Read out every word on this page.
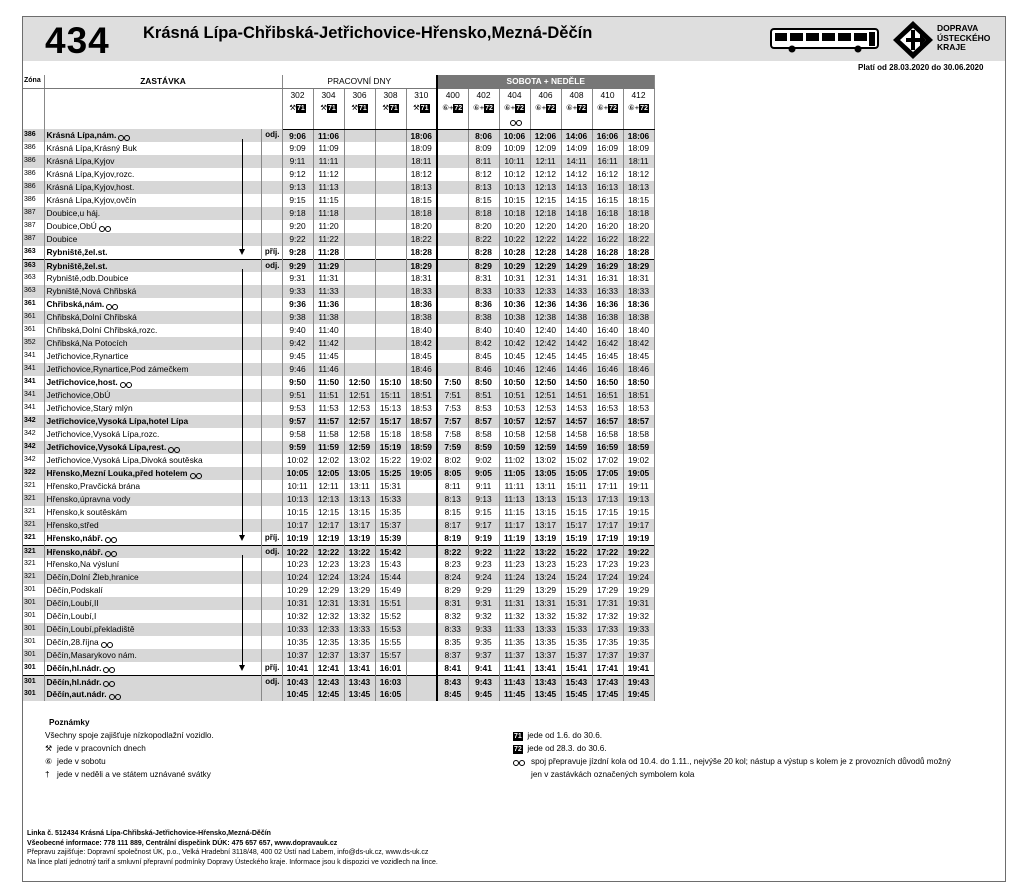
434 Krásná Lípa-Chřibská-Jetřichovice-Hřensko,Mezná-Děčín	DOPRAVA
ÚSTECKÉHO
KRAJE
Platí od 28.03.2020 do 30.06.2020
Zóna	ZASTÁVKA		PRACOVNÍ DNY					SOBOTA + NEDĚLE						
			302	304	306	308	310	400	402	404	406	408	410	412
			⚒71	⚒71	⚒71	⚒71	⚒71	⑥+72	⑥+72	⑥+72	⑥+72	⑥+72	⑥+72	⑥+72

386	Krásná Lípa,nám.	odj.	9:06	11:06			18:06		8:06	10:06	12:06	14:06	16:06	18:06
386	Krásná Lípa,Krásný Buk		9:09	11:09			18:09		8:09	10:09	12:09	14:09	16:09	18:09
386	Krásná Lípa,Kyjov		9:11	11:11			18:11		8:11	10:11	12:11	14:11	16:11	18:11
386	Krásná Lípa,Kyjov,rozc.		9:12	11:12			18:12		8:12	10:12	12:12	14:12	16:12	18:12
386	Krásná Lípa,Kyjov,host.		9:13	11:13			18:13		8:13	10:13	12:13	14:13	16:13	18:13
386	Krásná Lípa,Kyjov,ovčín		9:15	11:15			18:15		8:15	10:15	12:15	14:15	16:15	18:15
387	Doubice,u háj.		9:18	11:18			18:18		8:18	10:18	12:18	14:18	16:18	18:18
387	Doubice,ObÚ		9:20	11:20			18:20		8:20	10:20	12:20	14:20	16:20	18:20
387	Doubice		9:22	11:22			18:22		8:22	10:22	12:22	14:22	16:22	18:22
363	Rybniště,žel.st.	příj.	9:28	11:28			18:28		8:28	10:28	12:28	14:28	16:28	18:28
363	Rybniště,žel.st.	odj.	9:29	11:29			18:29		8:29	10:29	12:29	14:29	16:29	18:29
363	Rybniště,odb.Doubice		9:31	11:31			18:31		8:31	10:31	12:31	14:31	16:31	18:31
363	Rybniště,Nová Chřibská		9:33	11:33			18:33		8:33	10:33	12:33	14:33	16:33	18:33
361	Chřibská,nám.		9:36	11:36			18:36		8:36	10:36	12:36	14:36	16:36	18:36
361	Chřibská,Dolní Chřibská		9:38	11:38			18:38		8:38	10:38	12:38	14:38	16:38	18:38
361	Chřibská,Dolní Chřibská,rozc.		9:40	11:40			18:40		8:40	10:40	12:40	14:40	16:40	18:40
352	Chřibská,Na Potocích		9:42	11:42			18:42		8:42	10:42	12:42	14:42	16:42	18:42
341	Jetřichovice,Rynartice		9:45	11:45			18:45		8:45	10:45	12:45	14:45	16:45	18:45
341	Jetřichovice,Rynartice,Pod zámečkem		9:46	11:46			18:46		8:46	10:46	12:46	14:46	16:46	18:46
341	Jetřichovice,host.		9:50	11:50	12:50	15:10	18:50	7:50	8:50	10:50	12:50	14:50	16:50	18:50
341	Jetřichovice,ObÚ		9:51	11:51	12:51	15:11	18:51	7:51	8:51	10:51	12:51	14:51	16:51	18:51
341	Jetřichovice,Starý mlýn		9:53	11:53	12:53	15:13	18:53	7:53	8:53	10:53	12:53	14:53	16:53	18:53
342	Jetřichovice,Vysoká Lípa,hotel Lípa		9:57	11:57	12:57	15:17	18:57	7:57	8:57	10:57	12:57	14:57	16:57	18:57
342	Jetřichovice,Vysoká Lípa,rozc.		9:58	11:58	12:58	15:18	18:58	7:58	8:58	10:58	12:58	14:58	16:58	18:58
342	Jetřichovice,Vysoká Lípa,rest.		9:59	11:59	12:59	15:19	18:59	7:59	8:59	10:59	12:59	14:59	16:59	18:59
342	Jetřichovice,Vysoká Lípa,Divoká soutěska		10:02	12:02	13:02	15:22	19:02	8:02	9:02	11:02	13:02	15:02	17:02	19:02
322	Hřensko,Mezní Louka,před hotelem		10:05	12:05	13:05	15:25	19:05	8:05	9:05	11:05	13:05	15:05	17:05	19:05
321	Hřensko,Pravčická brána		10:11	12:11	13:11	15:31		8:11	9:11	11:11	13:11	15:11	17:11	19:11
321	Hřensko,úpravna vody		10:13	12:13	13:13	15:33		8:13	9:13	11:13	13:13	15:13	17:13	19:13
321	Hřensko,k soutěskám		10:15	12:15	13:15	15:35		8:15	9:15	11:15	13:15	15:15	17:15	19:15
321	Hřensko,střed		10:17	12:17	13:17	15:37		8:17	9:17	11:17	13:17	15:17	17:17	19:17
321	Hřensko,nábř.	příj.	10:19	12:19	13:19	15:39		8:19	9:19	11:19	13:19	15:19	17:19	19:19
321	Hřensko,nábř.	odj.	10:22	12:22	13:22	15:42		8:22	9:22	11:22	13:22	15:22	17:22	19:22
321	Hřensko,Na výsluní		10:23	12:23	13:23	15:43		8:23	9:23	11:23	13:23	15:23	17:23	19:23
321	Děčín,Dolní Žleb,hranice		10:24	12:24	13:24	15:44		8:24	9:24	11:24	13:24	15:24	17:24	19:24
301	Děčín,Podskalí		10:29	12:29	13:29	15:49		8:29	9:29	11:29	13:29	15:29	17:29	19:29
301	Děčín,Loubí,II		10:31	12:31	13:31	15:51		8:31	9:31	11:31	13:31	15:31	17:31	19:31
301	Děčín,Loubí,I		10:32	12:32	13:32	15:52		8:32	9:32	11:32	13:32	15:32	17:32	19:32
301	Děčín,Loubí,překladiště		10:33	12:33	13:33	15:53		8:33	9:33	11:33	13:33	15:33	17:33	19:33
301	Děčín,28.října		10:35	12:35	13:35	15:55		8:35	9:35	11:35	13:35	15:35	17:35	19:35
301	Děčín,Masarykovo nám.		10:37	12:37	13:37	15:57		8:37	9:37	11:37	13:37	15:37	17:37	19:37
301	Děčín,hl.nádr.	příj.	10:41	12:41	13:41	16:01		8:41	9:41	11:41	13:41	15:41	17:41	19:41
301	Děčín,hl.nádr.	odj.	10:43	12:43	13:43	16:03		8:43	9:43	11:43	13:43	15:43	17:43	19:43
301	Děčín,aut.nádr.		10:45	12:45	13:45	16:05		8:45	9:45	11:45	13:45	15:45	17:45	19:45
Poznámky
Všechny spoje zajišťuje nízkopodlažní vozidlo.
⚒ jede v pracovních dnech
⑥ jede v sobotu
† jede v neděli a ve státem uznávané svátky
71 jede od 1.6. do 30.6.
72 jede od 28.3. do 30.6.
spoj přepravuje jízdní kola od 10.4. do 1.11., nejvýše 20 kol; nástup a výstup s kolem je z provozních důvodů možný jen v zastávkách označených symbolem kola
Linka č. 512434 Krásná Lípa-Chřibská-Jetřichovice-Hřensko,Mezná-Děčín
Všeobecné informace: 778 111 889, Centrální dispečink DÚK: 475 657 657, www.dopravauk.cz
Přepravu zajišťuje: Dopravní společnost ÚK, p.o., Velká Hradební 3118/48, 400 02 Ústí nad Labem, info@ds-uk.cz, www.ds-uk.cz
Na lince platí jednotný tarif a smluvní přepravní podmínky Dopravy Ústeckého kraje. Informace jsou k dispozici ve vozidlech na lince.
